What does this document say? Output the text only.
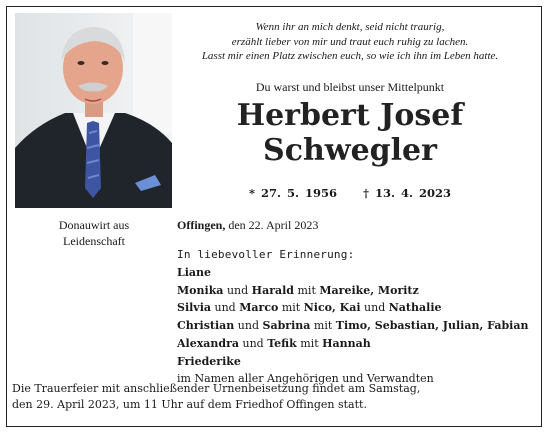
Wenn ihr an mich denkt, seid nicht traurig,
erzählt lieber von mir und traut euch ruhig zu lachen.
Lasst mir einen Platz zwischen euch, so wie ich ihn im Leben hatte.
Du warst und bleibst unser Mittelpunkt
Herbert Josef
Schwegler
* 27. 5. 1956 † 13. 4. 2023
Donauwirt aus
Leidenschaft
Offingen, den 22. April 2023
In liebevoller Erinnerung:
Liane
Monika und Harald mit Mareike, Moritz
Silvia und Marco mit Nico, Kai und Nathalie
Christian und Sabrina mit Timo, Sebastian, Julian, Fabian
Alexandra und Tefik mit Hannah
Friederike
im Namen aller Angehörigen und Verwandten
Die Trauerfeier mit anschließender Urnenbeisetzung findet am Samstag,
den 29. April 2023, um 11 Uhr auf dem Friedhof Offingen statt.
